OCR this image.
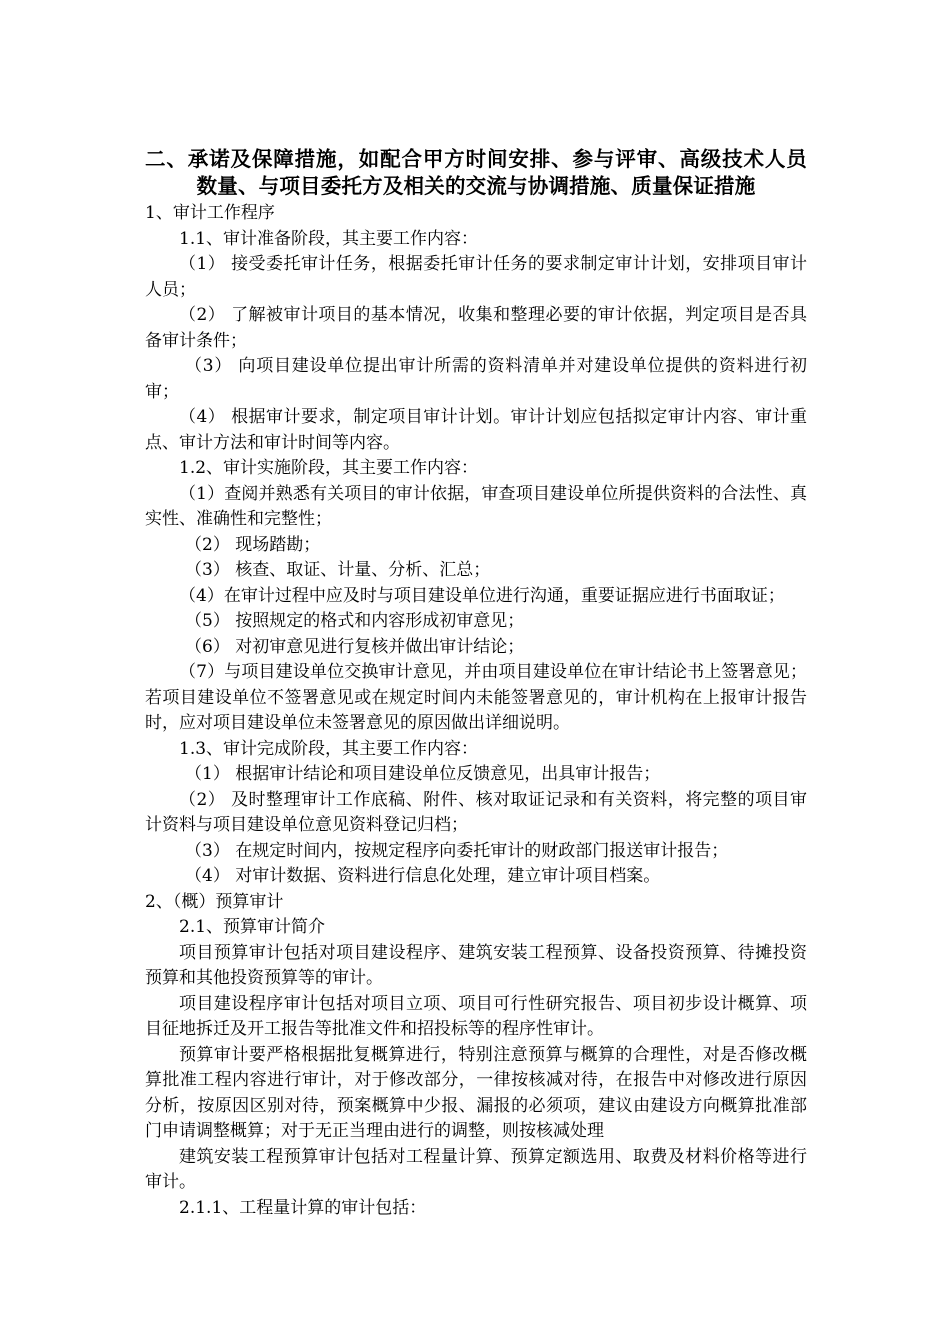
二、承诺及保障措施，如配合甲方时间安排、参与评审、高级技术人员
数量、与项目委托方及相关的交流与协调措施、质量保证措施

1、审计工作程序

1.1、审计准备阶段，其主要工作内容：

（1） 接受委托审计任务，根据委托审计任务的要求制定审计计划，安排项目审计人员；

（2） 了解被审计项目的基本情况，收集和整理必要的审计依据，判定项目是否具备审计条件；

（3） 向项目建设单位提出审计所需的资料清单并对建设单位提供的资料进行初审；

（4） 根据审计要求，制定项目审计计划。审计计划应包括拟定审计内容、审计重点、审计方法和审计时间等内容。

1.2、审计实施阶段，其主要工作内容：

（1）查阅并熟悉有关项目的审计依据，审查项目建设单位所提供资料的合法性、真实性、准确性和完整性；

（2） 现场踏勘；

（3） 核查、取证、计量、分析、汇总；

（4）在审计过程中应及时与项目建设单位进行沟通，重要证据应进行书面取证；

（5） 按照规定的格式和内容形成初审意见；

（6） 对初审意见进行复核并做出审计结论；

（7）与项目建设单位交换审计意见，并由项目建设单位在审计结论书上签署意见；若项目建设单位不签署意见或在规定时间内未能签署意见的，审计机构在上报审计报告时，应对项目建设单位未签署意见的原因做出详细说明。

1.3、审计完成阶段，其主要工作内容：

（1） 根据审计结论和项目建设单位反馈意见，出具审计报告；

（2） 及时整理审计工作底稿、附件、核对取证记录和有关资料，将完整的项目审计资料与项目建设单位意见资料登记归档；

（3） 在规定时间内，按规定程序向委托审计的财政部门报送审计报告；

（4） 对审计数据、资料进行信息化处理，建立审计项目档案。

2、（概）预算审计

2.1、预算审计简介

项目预算审计包括对项目建设程序、建筑安装工程预算、设备投资预算、待摊投资预算和其他投资预算等的审计。

项目建设程序审计包括对项目立项、项目可行性研究报告、项目初步设计概算、项目征地拆迁及开工报告等批准文件和招投标等的程序性审计。

预算审计要严格根据批复概算进行，特别注意预算与概算的合理性，对是否修改概算批准工程内容进行审计，对于修改部分，一律按核减对待，在报告中对修改进行原因分析，按原因区别对待，预案概算中少报、漏报的必须项，建议由建设方向概算批准部门申请调整概算；对于无正当理由进行的调整，则按核减处理

建筑安装工程预算审计包括对工程量计算、预算定额选用、取费及材料价格等进行审计。

2.1.1、工程量计算的审计包括：
